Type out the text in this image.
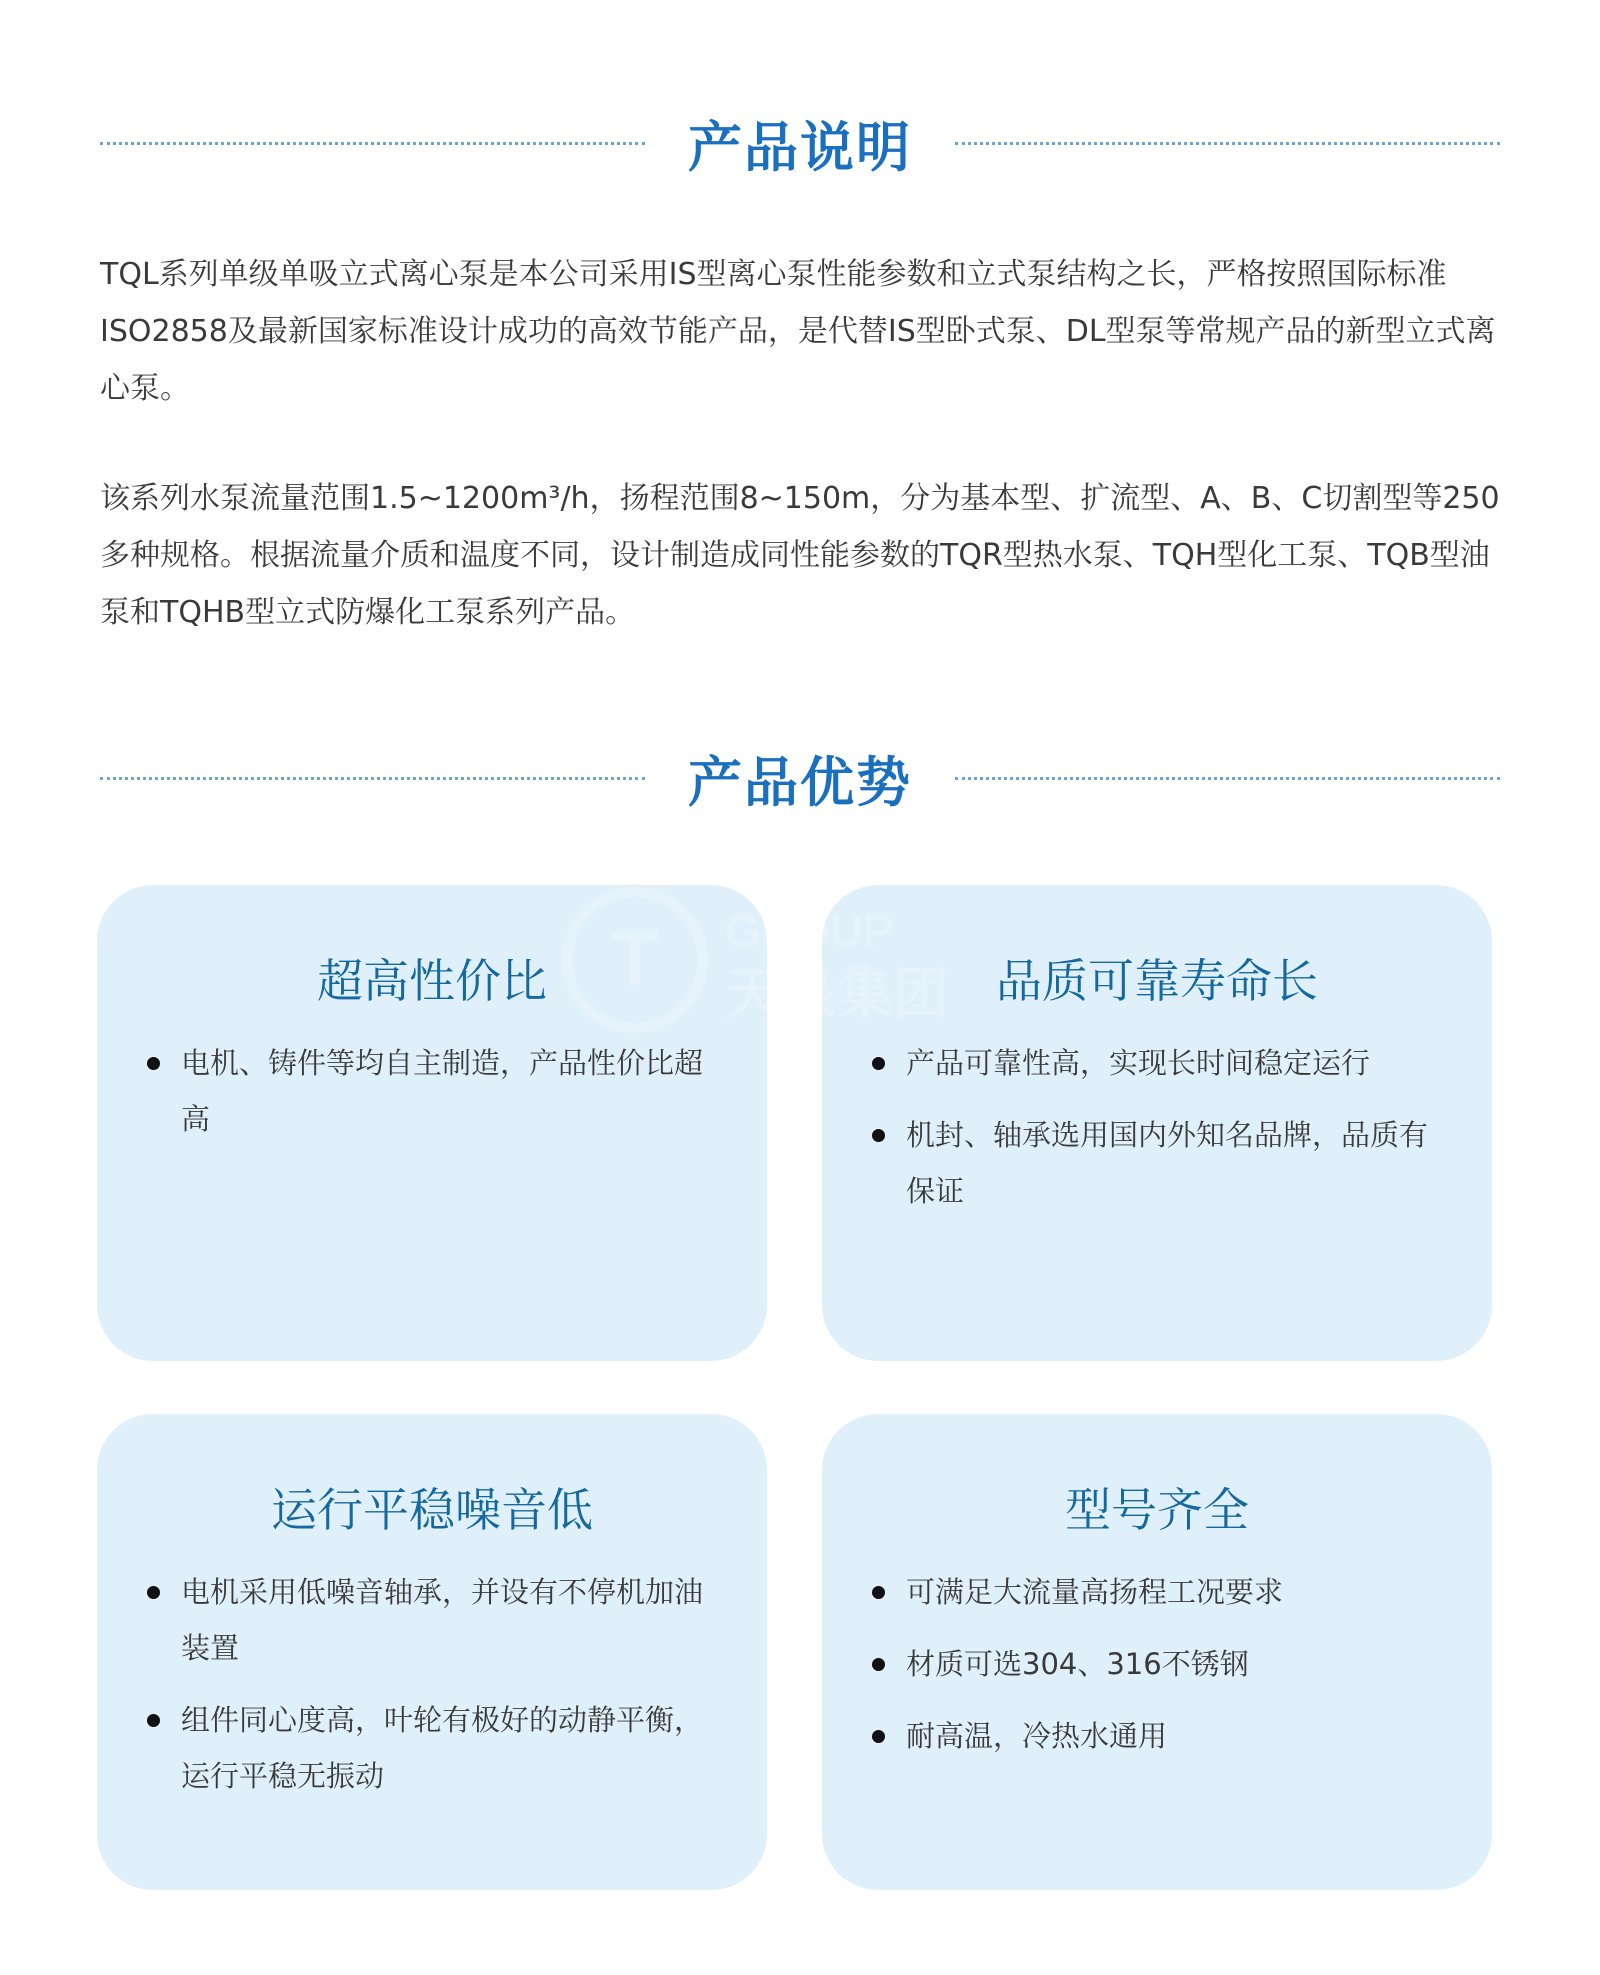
产品说明
TQL系列单级单吸立式离心泵是本公司采用IS型离心泵性能参数和立式泵结构之长，严格按照国际标准ISO2858及最新国家标准设计成功的高效节能产品，是代替IS型卧式泵、DL型泵等常规产品的新型立式离心泵。
该系列水泵流量范围1.5~1200m³/h，扬程范围8~150m，分为基本型、扩流型、A、B、C切割型等250多种规格。根据流量介质和温度不同，设计制造成同性能参数的TQR型热水泵、TQH型化工泵、TQB型油泵和TQHB型立式防爆化工泵系列产品。
产品优势
超高性价比
电机、铸件等均自主制造，产品性价比超高
品质可靠寿命长
产品可靠性高，实现长时间稳定运行
机封、轴承选用国内外知名品牌，品质有保证
运行平稳噪音低
电机采用低噪音轴承，并设有不停机加油装置
组件同心度高，叶轮有极好的动静平衡，运行平稳无振动
型号齐全
可满足大流量高扬程工况要求
材质可选304、316不锈钢
耐高温，冷热水通用
T GROUP
天泉集团
